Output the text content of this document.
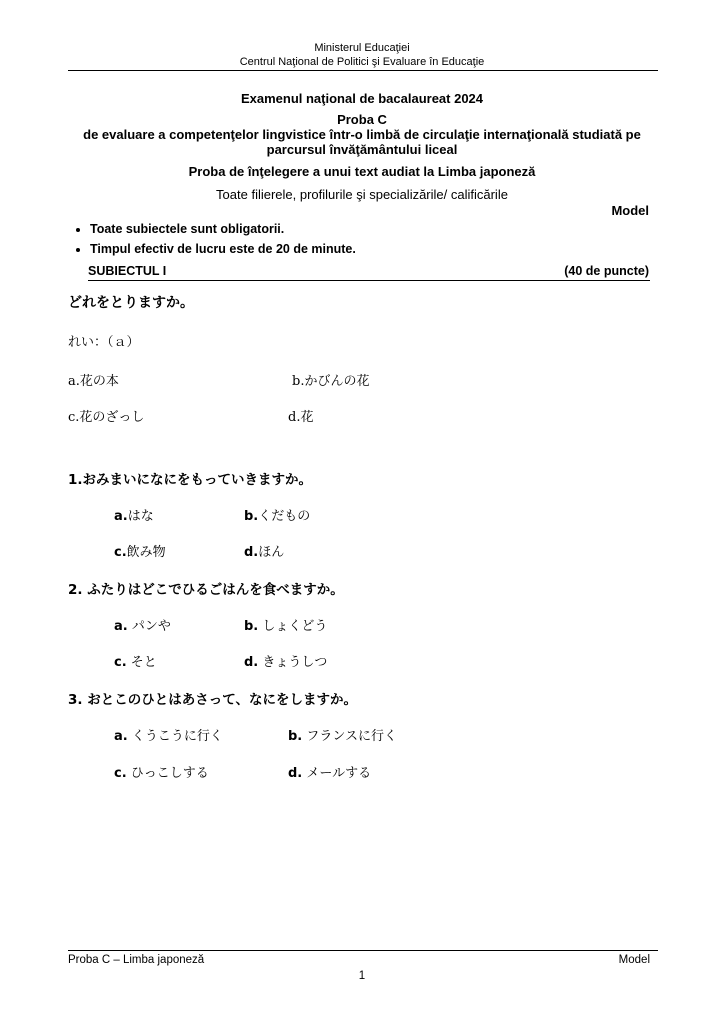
Ministerul Educaţiei
Centrul Naţional de Politici şi Evaluare în Educaţie
Examenul naţional de bacalaureat 2024
Proba C
de evaluare a competenţelor lingvistice într-o limbă de circulaţie internaţională studiată pe
parcursul învăţământului liceal
Proba de înţelegere a unui text audiat la Limba japoneză
Toate filierele, profilurile şi specializările/ calificările
Model
• Toate subiectele sunt obligatorii.
• Timpul efectiv de lucru este de 20 de minute.
SUBIECTUL I	(40 de puncte)
どれをとりますか。
れい：（ａ）
a.花の本	b.かびんの花
c.花のざっし	d.花
1.おみまいになにをもっていきますか。
a.はな	b.くだもの
c.飲み物	d.ほん
2. ふたりはどこでひるごはんを食べますか。
a. パンや	b. しょくどう
c. そと	d. きょうしつ
3. おとこのひとはあさって、なにをしますか。
a. くうこうに行く	b. フランスに行く
c. ひっこしする	d. メールする
Proba C – Limba japoneză	Model
1
